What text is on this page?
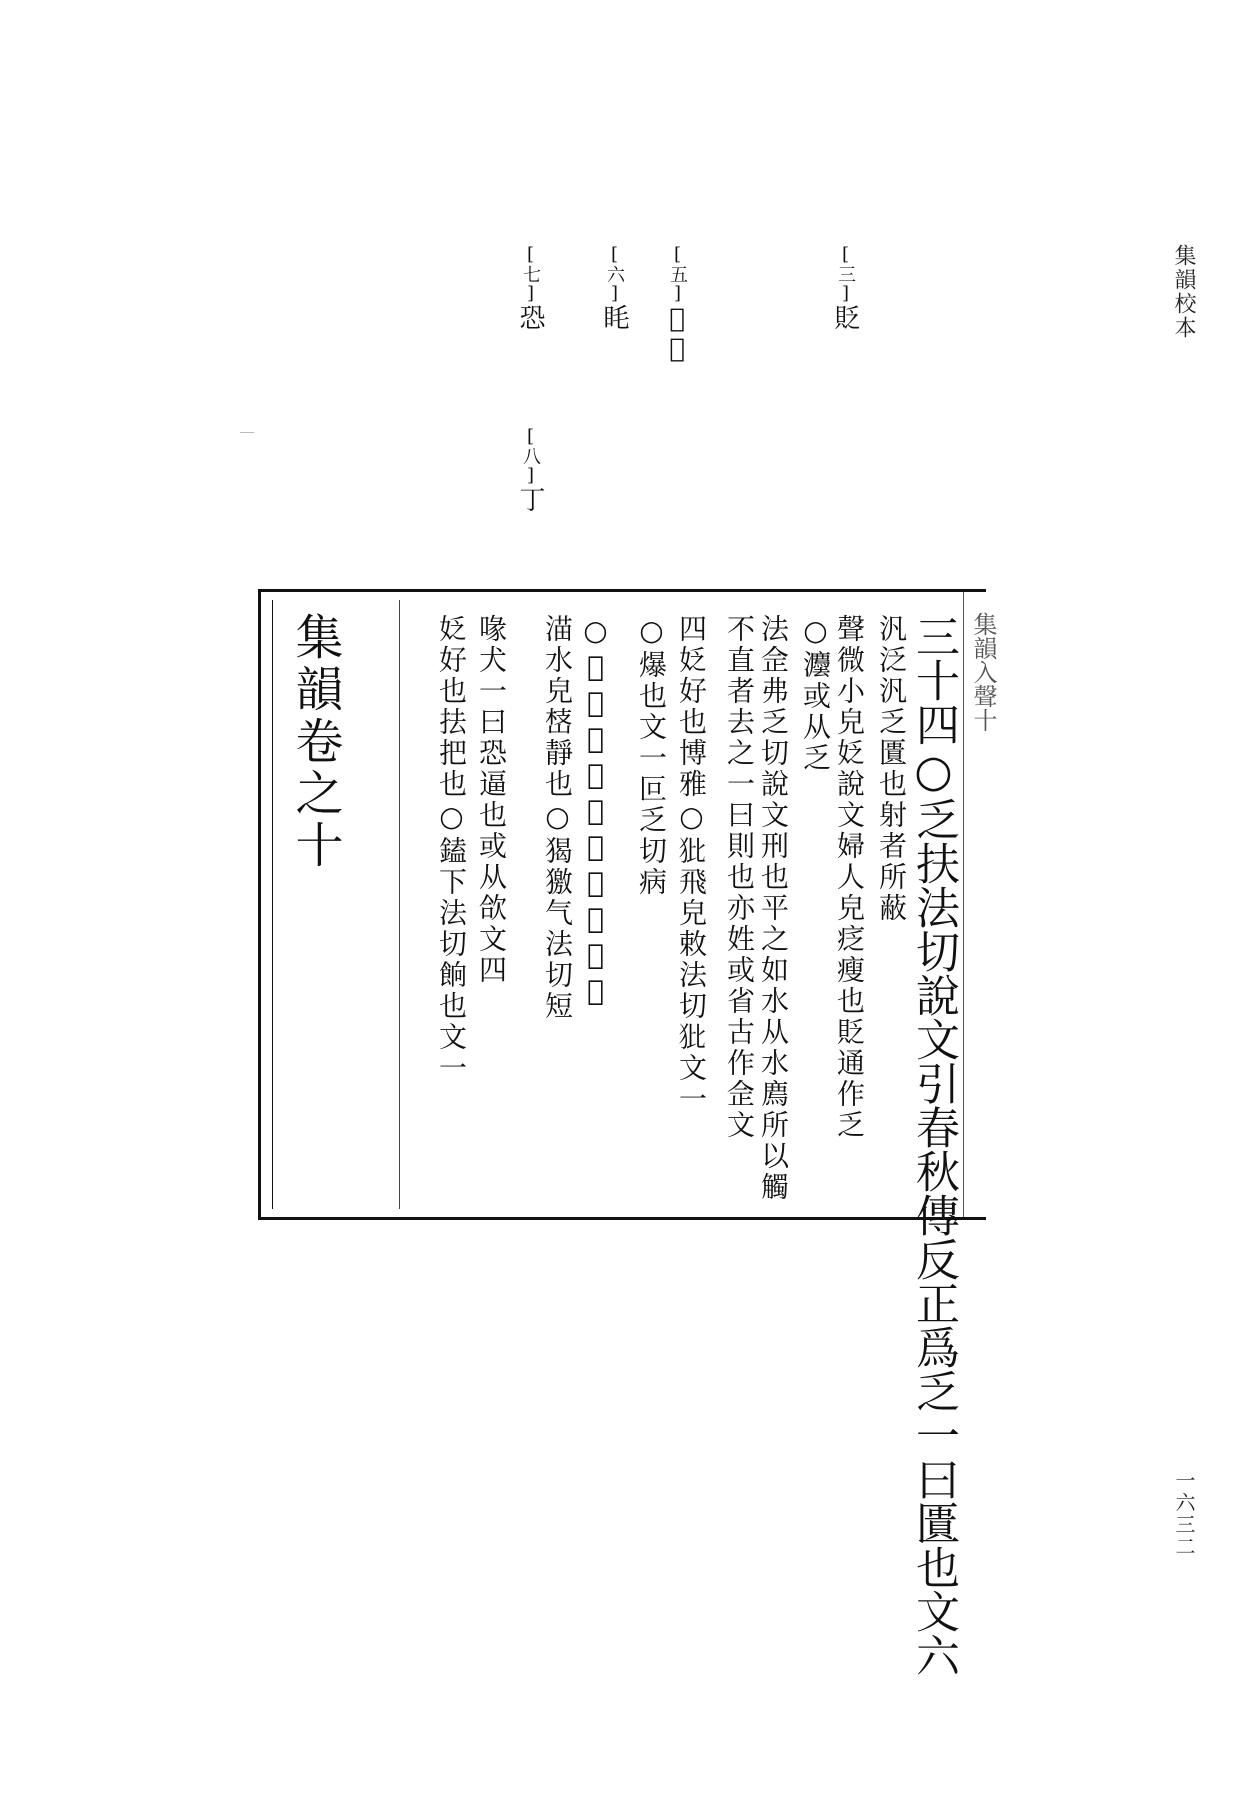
集韻校本
一六三二
[ 三 ]貶
[ 五 ]𩙪丄
[ 六 ]眊
[ 七 ]恐
[ 八 ]丁
集韻卷之十	集韻入聲十
三十四○乏扶法切說文引春秋傳反正爲乏一曰匱也文六
汎泛汎乏匱也射者所蔽
聲微小皃姂說文婦人皃疺瘦也貶通作乏
○灋或从乏
法佱弗乏切說文刑也平之如水从水廌所以觸
不直者去之一曰則也亦姓或省古作佱文
四姂好也博雅○𤜻飛皃敕法切𤜻文一
○爆也文一叵乏切病
○𩙪飛皃眡法切文三𤜻𩙪
渵水皃㟚靜也○猲獥气法切短
喙犬一曰恐逼也或从欱文四
姂好也抾把也○鎑下法切餉也文一
